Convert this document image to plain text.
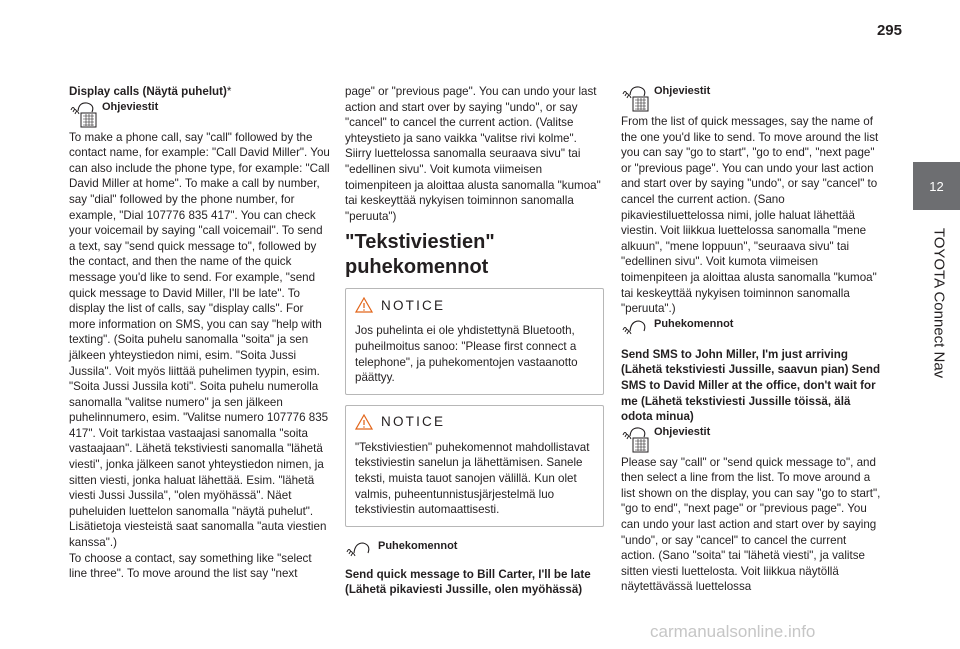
295
12
TOYOTA Connect Nav

Display calls (Näytä puhelut)*

Ohjeviestit

To make a phone call, say "call" followed by the contact name, for example: "Call David Miller". You can also include the phone type, for example: "Call David Miller at home". To make a call by number, say "dial" followed by the phone number, for example, "Dial 107776 835 417". You can check your voicemail by saying "call voicemail". To send a text, say "send quick message to", followed by the contact, and then the name of the quick message you'd like to send. For example, "send quick message to David Miller, I'll be late". To display the list of calls, say "display calls". For more information on SMS, you can say "help with texting". (Soita puhelu sanomalla "soita" ja sen jälkeen yhteystiedon nimi, esim. "Soita Jussi Jussila". Voit myös liittää puhelimen tyypin, esim. "Soita Jussi Jussila koti". Soita puhelu numerolla sanomalla "valitse numero" ja sen jälkeen puhelinnumero, esim. "Valitse numero 107776 835 417". Voit tarkistaa vastaajasi sanomalla "soita vastaajaan". Lähetä tekstiviesti sanomalla "lähetä viesti", jonka jälkeen sanot yhteystiedon nimen, ja sitten viesti, jonka haluat lähettää. Esim. "lähetä viesti Jussi Jussila", "olen myöhässä". Näet puheluiden luettelon sanomalla "näytä puhelut". Lisätietoja viesteistä saat sanomalla "auta viestien kanssa".)

To choose a contact, say something like "select line three". To move around the list say "next

page" or "previous page". You can undo your last action and start over by saying "undo", or say "cancel" to cancel the current action. (Valitse yhteystieto ja sano vaikka "valitse rivi kolme". Siirry luettelossa sanomalla seuraava sivu" tai "edellinen sivu". Voit kumota viimeisen toimenpiteen ja aloittaa alusta sanomalla "kumoa" tai keskeyttää nykyisen toiminnon sanomalla "peruuta")

"Tekstiviestien" puhekomennot
NOTICE
Jos puhelinta ei ole yhdistettynä Bluetooth, puheilmoitus sanoo: "Please first connect a telephone", ja puhekomentojen vastaanotto päättyy.
NOTICE
"Tekstiviestien" puhekomennot mahdollistavat tekstiviestin sanelun ja lähettämisen. Sanele teksti, muista tauot sanojen välillä. Kun olet valmis, puheentunnistusjärjestelmä luo tekstiviestin automaattisesti.
Puhekomennot

Send quick message to Bill Carter, I'll be late (Lähetä pikaviesti Jussille, olen myöhässä)

Ohjeviestit

From the list of quick messages, say the name of the one you'd like to send. To move around the list you can say "go to start", "go to end", "next page" or "previous page". You can undo your last action and start over by saying "undo", or say "cancel" to cancel the current action. (Sano pikaviestiluettelossa nimi, jolle haluat lähettää viestin. Voit liikkua luettelossa sanomalla "mene alkuun", "mene loppuun", "seuraava sivu" tai "edellinen sivu". Voit kumota viimeisen toimenpiteen ja aloittaa alusta sanomalla "kumoa" tai keskeyttää nykyisen toiminnon sanomalla "peruuta".)

Puhekomennot

Send SMS to John Miller, I'm just arriving (Lähetä tekstiviesti Jussille, saavun pian) Send SMS to David Miller at the office, don't wait for me (Lähetä tekstiviesti Jussille töissä, älä odota minua)

Ohjeviestit

Please say "call" or "send quick message to", and then select a line from the list. To move around a list shown on the display, you can say "go to start", "go to end", "next page" or "previous page". You can undo your last action and start over by saying "undo", or say "cancel" to cancel the current action. (Sano "soita" tai "lähetä viesti", ja valitse sitten viesti luettelosta. Voit liikkua näytöllä näytettävässä luettelossa

carmanualsonline.info
